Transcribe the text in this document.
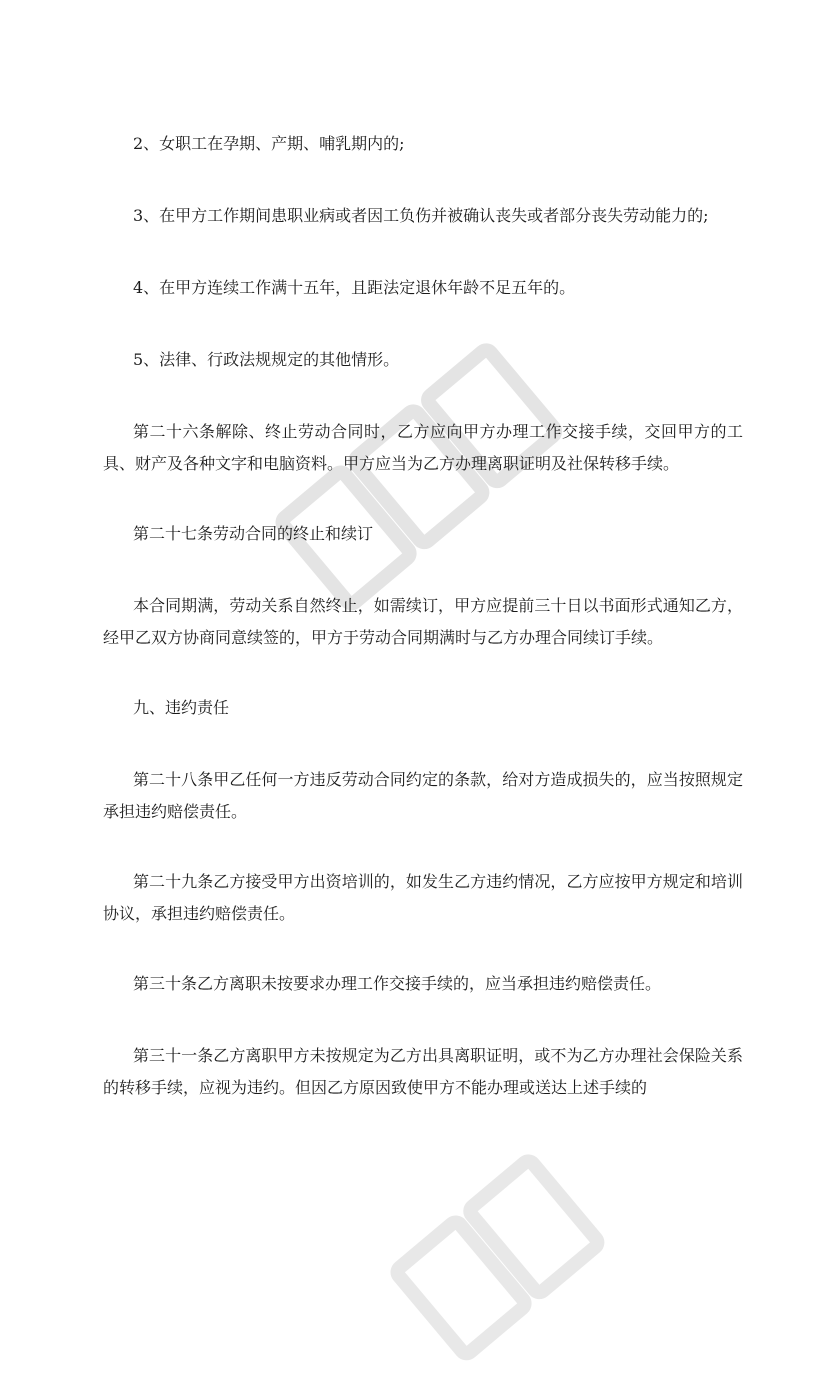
2、女职工在孕期、产期、哺乳期内的;

3、在甲方工作期间患职业病或者因工负伤并被确认丧失或者部分丧失劳动能力的;

4、在甲方连续工作满十五年，且距法定退休年龄不足五年的。

5、法律、行政法规规定的其他情形。

第二十六条解除、终止劳动合同时，乙方应向甲方办理工作交接手续，交回甲方的工具、财产及各种文字和电脑资料。甲方应当为乙方办理离职证明及社保转移手续。

第二十七条劳动合同的终止和续订

本合同期满，劳动关系自然终止，如需续订，甲方应提前三十日以书面形式通知乙方，经甲乙双方协商同意续签的，甲方于劳动合同期满时与乙方办理合同续订手续。

九、违约责任

第二十八条甲乙任何一方违反劳动合同约定的条款，给对方造成损失的，应当按照规定承担违约赔偿责任。

第二十九条乙方接受甲方出资培训的，如发生乙方违约情况，乙方应按甲方规定和培训协议，承担违约赔偿责任。

第三十条乙方离职未按要求办理工作交接手续的，应当承担违约赔偿责任。

第三十一条乙方离职甲方未按规定为乙方出具离职证明，或不为乙方办理社会保险关系的转移手续，应视为违约。但因乙方原因致使甲方不能办理或送达上述手续的
